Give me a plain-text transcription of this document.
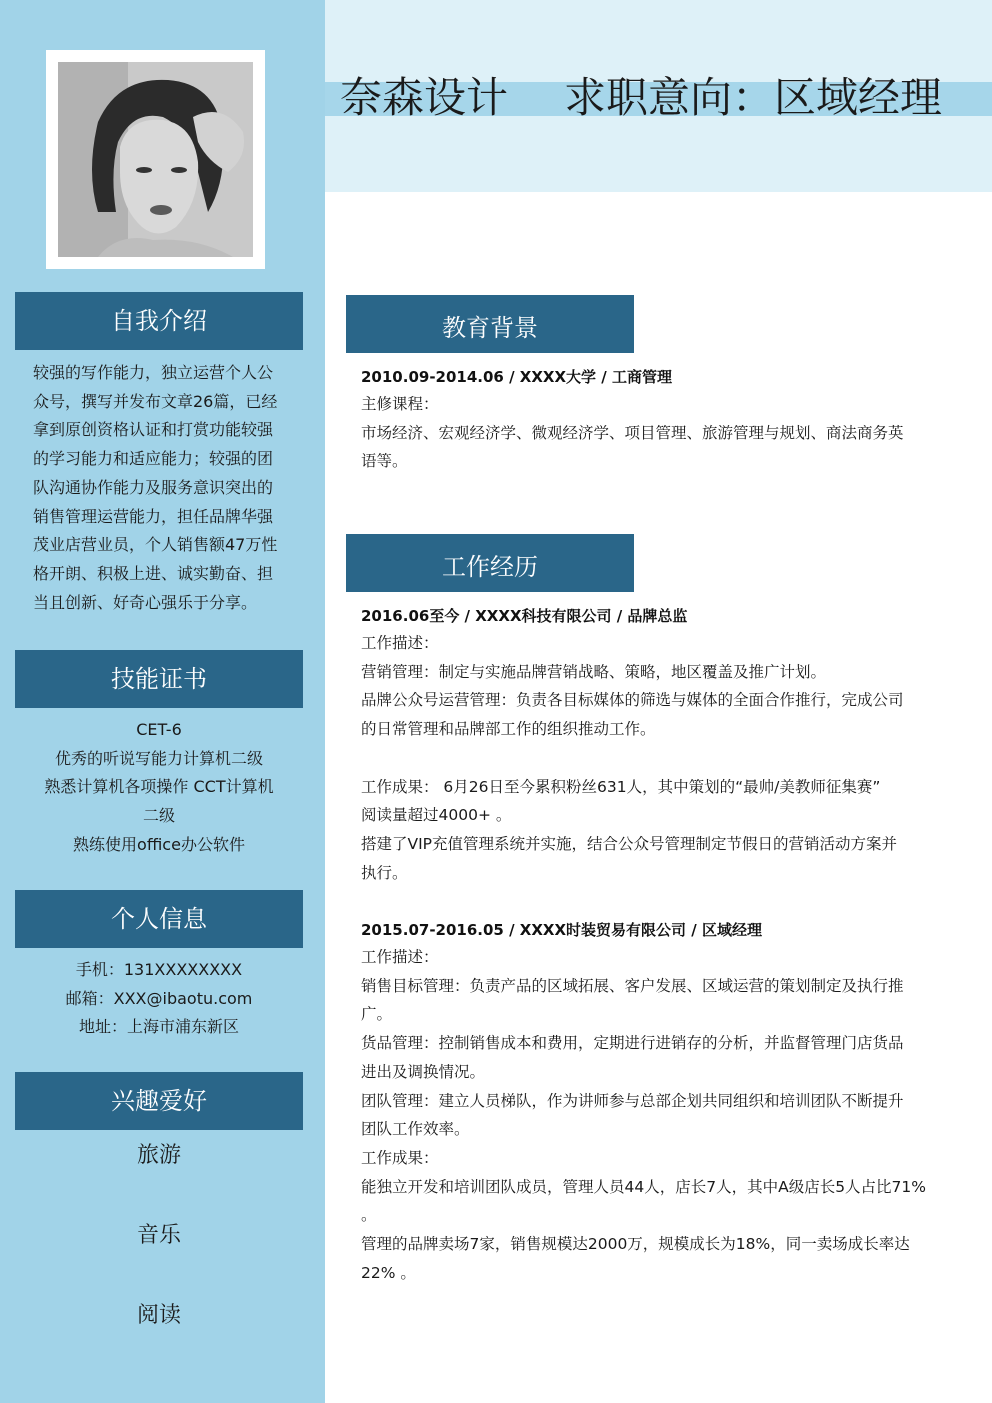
奈森设计 求职意向：区域经理
自我介绍
较强的写作能力，独立运营个人公
众号，撰写并发布文章26篇，已经
拿到原创资格认证和打赏功能较强
的学习能力和适应能力；较强的团
队沟通协作能力及服务意识突出的
销售管理运营能力，担任品牌华强
茂业店营业员，个人销售额47万性
格开朗、积极上进、诚实勤奋、担
当且创新、好奇心强乐于分享。
技能证书
CET-6
优秀的听说写能力计算机二级
熟悉计算机各项操作 CCT计算机
二级
熟练使用office办公软件
个人信息
手机：131XXXXXXXX
邮箱：XXX@ibaotu.com
地址：上海市浦东新区
兴趣爱好
旅游
音乐
阅读
教育背景
2010.09-2014.06 / XXXX大学 / 工商管理
主修课程：
市场经济、宏观经济学、微观经济学、项目管理、旅游管理与规划、商法商务英
语等。
工作经历
2016.06至今 / XXXX科技有限公司 / 品牌总监
工作描述：
营销管理：制定与实施品牌营销战略、策略，地区覆盖及推广计划。
品牌公众号运营管理：负责各目标媒体的筛选与媒体的全面合作推行，完成公司
的日常管理和品牌部工作的组织推动工作。
工作成果： 6月26日至今累积粉丝631人，其中策划的“最帅/美教师征集赛”
阅读量超过4000+ 。
搭建了VIP充值管理系统并实施，结合公众号管理制定节假日的营销活动方案并
执行。
2015.07-2016.05 / XXXX时装贸易有限公司 / 区域经理
工作描述：
销售目标管理：负责产品的区域拓展、客户发展、区域运营的策划制定及执行推
广。
货品管理：控制销售成本和费用，定期进行进销存的分析，并监督管理门店货品
进出及调换情况。
团队管理：建立人员梯队，作为讲师参与总部企划共同组织和培训团队不断提升
团队工作效率。
工作成果：
能独立开发和培训团队成员，管理人员44人，店长7人，其中A级店长5人占比71%
。
管理的品牌卖场7家，销售规模达2000万，规模成长为18%，同一卖场成长率达
22% 。
